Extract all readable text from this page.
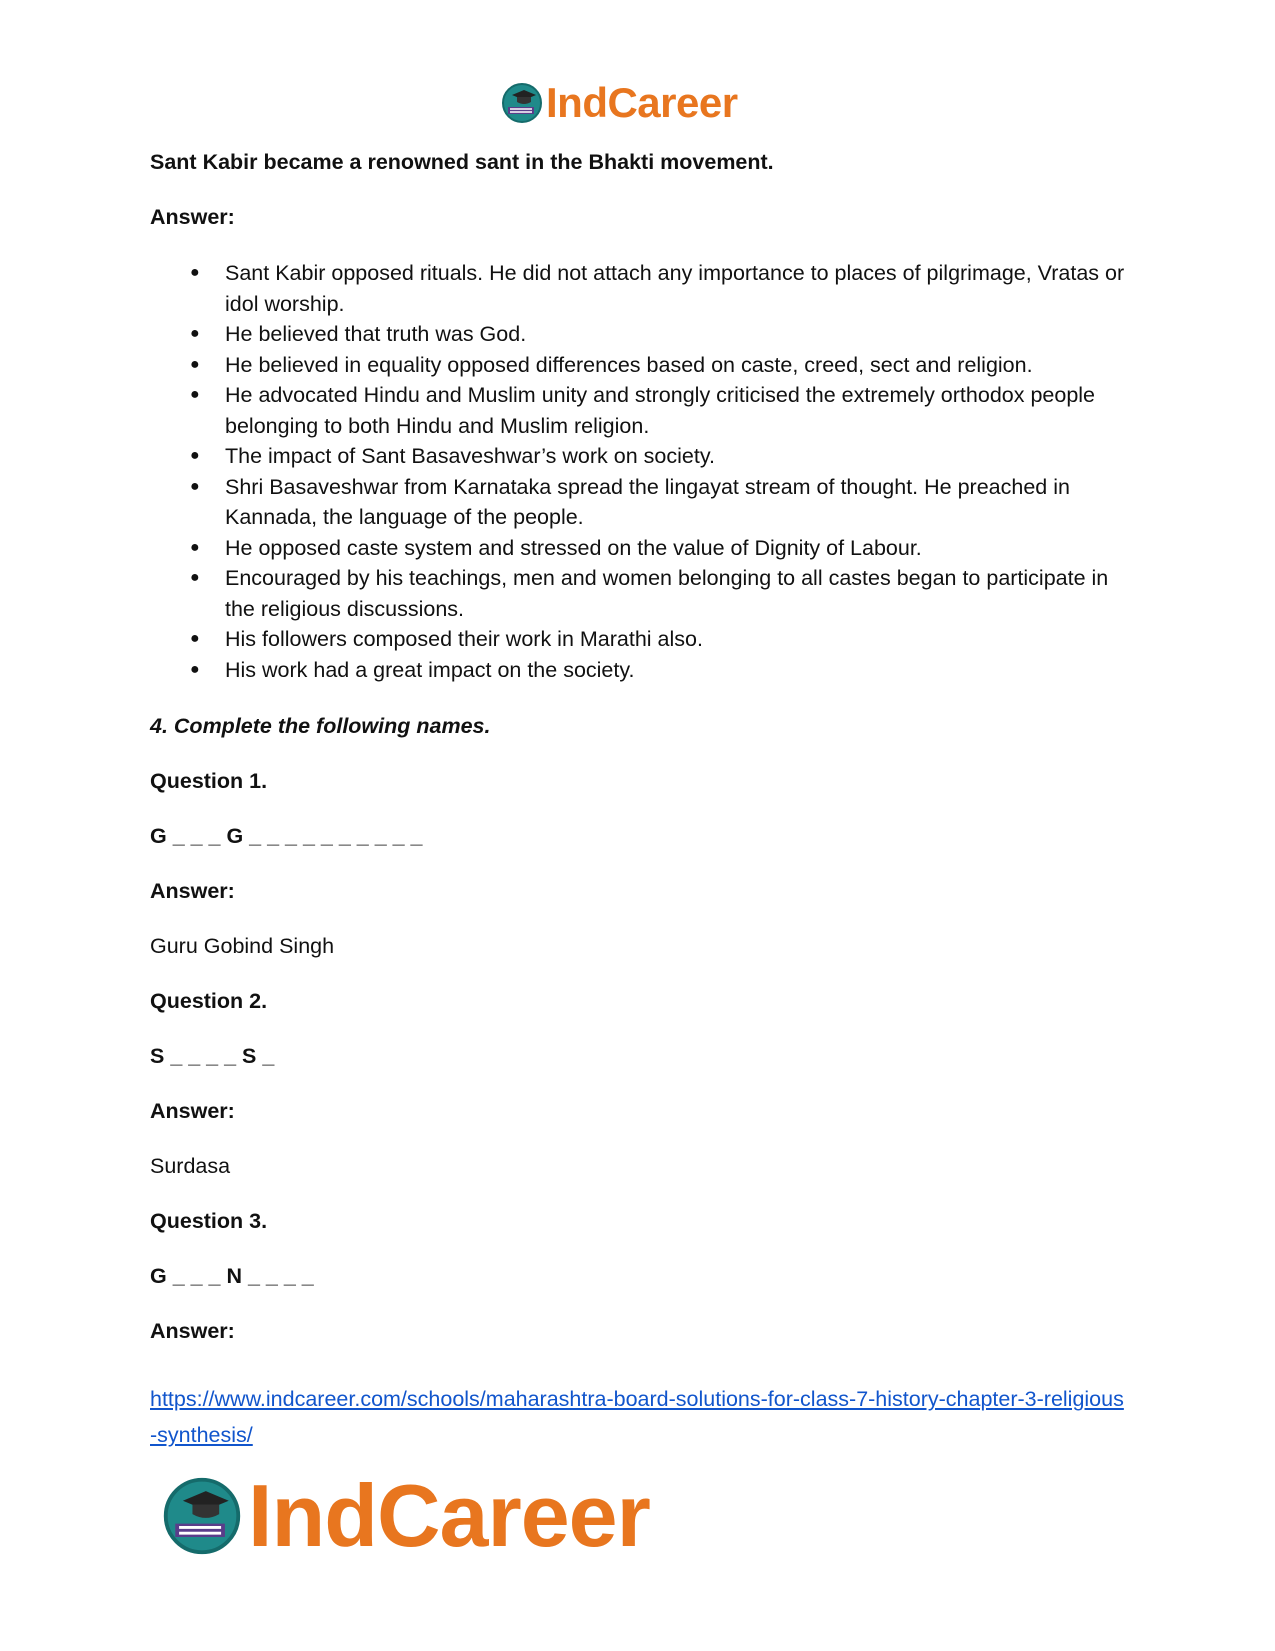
IndCareer

Sant Kabir became a renowned sant in the Bhakti movement.

Answer:

● Sant Kabir opposed rituals. He did not attach any importance to places of pilgrimage, Vratas or idol worship.
● He believed that truth was God.
● He believed in equality opposed differences based on caste, creed, sect and religion.
● He advocated Hindu and Muslim unity and strongly criticised the extremely orthodox people belonging to both Hindu and Muslim religion.
● The impact of Sant Basaveshwar’s work on society.
● Shri Basaveshwar from Karnataka spread the lingayat stream of thought. He preached in Kannada, the language of the people.
● He opposed caste system and stressed on the value of Dignity of Labour.
● Encouraged by his teachings, men and women belonging to all castes began to participate in the religious discussions.
● His followers composed their work in Marathi also.
● His work had a great impact on the society.

4. Complete the following names.

Question 1.

G _ _ _ G _ _ _ _ _ _ _ _ _ _

Answer:

Guru Gobind Singh

Question 2.

S _ _ _ _ S _

Answer:

Surdasa

Question 3.

G _ _ _ N _ _ _ _

Answer:

https://www.indcareer.com/schools/maharashtra-board-solutions-for-class-7-history-chapter-3-religious-synthesis/
IndCareer
